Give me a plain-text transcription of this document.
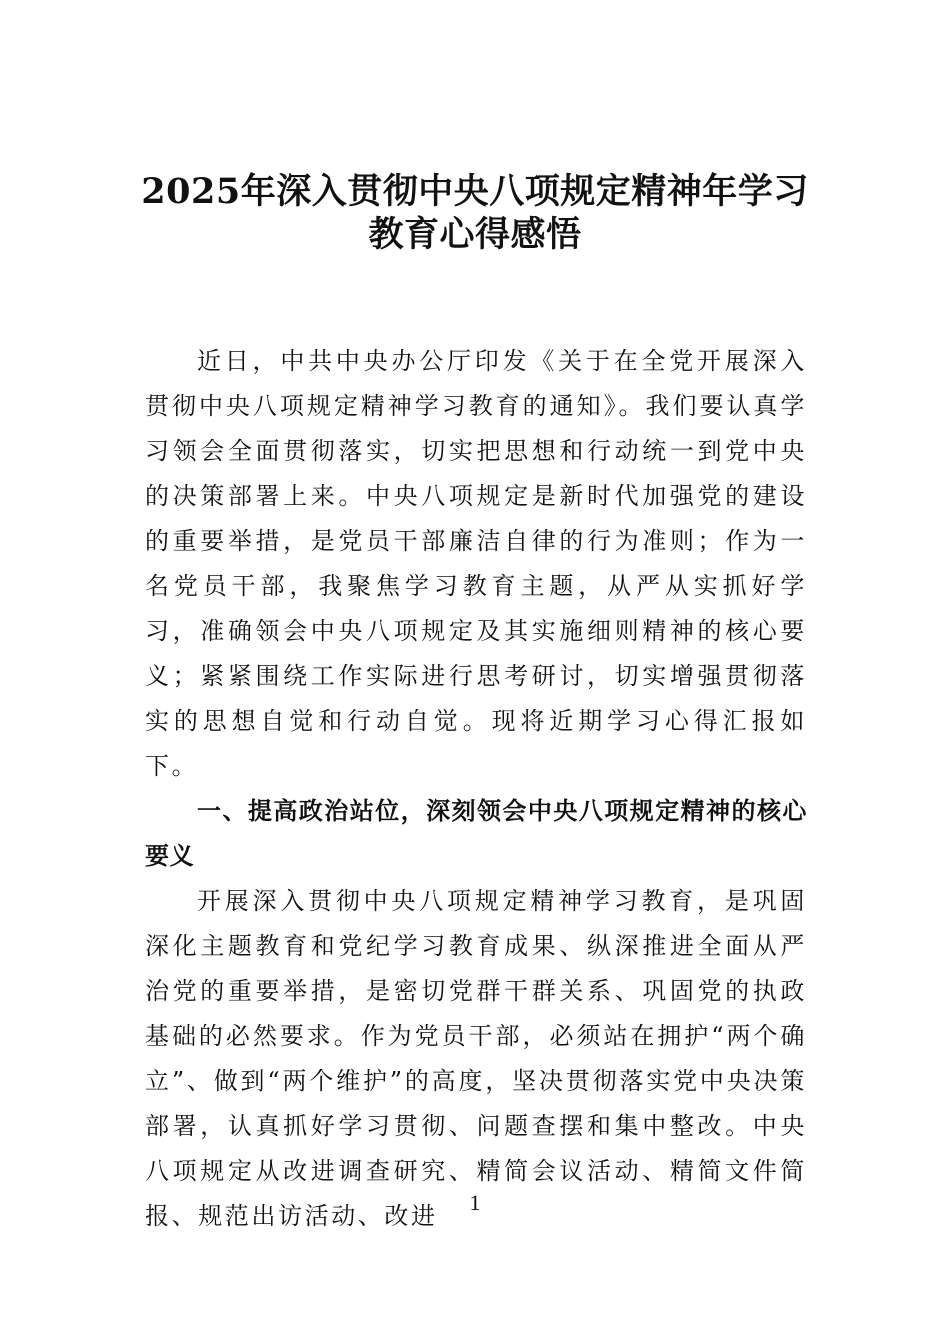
2025年深入贯彻中央八项规定精神年学习
教育心得感悟

近日，中共中央办公厅印发《关于在全党开展深入贯彻中央八项规定精神学习教育的通知》。我们要认真学习领会全面贯彻落实，切实把思想和行动统一到党中央的决策部署上来。中央八项规定是新时代加强党的建设的重要举措，是党员干部廉洁自律的行为准则；作为一名党员干部，我聚焦学习教育主题，从严从实抓好学习，准确领会中央八项规定及其实施细则精神的核心要义；紧紧围绕工作实际进行思考研讨，切实增强贯彻落实的思想自觉和行动自觉。现将近期学习心得汇报如下。

一、提高政治站位，深刻领会中央八项规定精神的核心要义

开展深入贯彻中央八项规定精神学习教育，是巩固深化主题教育和党纪学习教育成果、纵深推进全面从严治党的重要举措，是密切党群干群关系、巩固党的执政基础的必然要求。作为党员干部，必须站在拥护“两个确立”、做到“两个维护”的高度，坚决贯彻落实党中央决策部署，认真抓好学习贯彻、问题查摆和集中整改。中央八项规定从改进调查研究、精简会议活动、精简文件简报、规范出访活动、改进	1
